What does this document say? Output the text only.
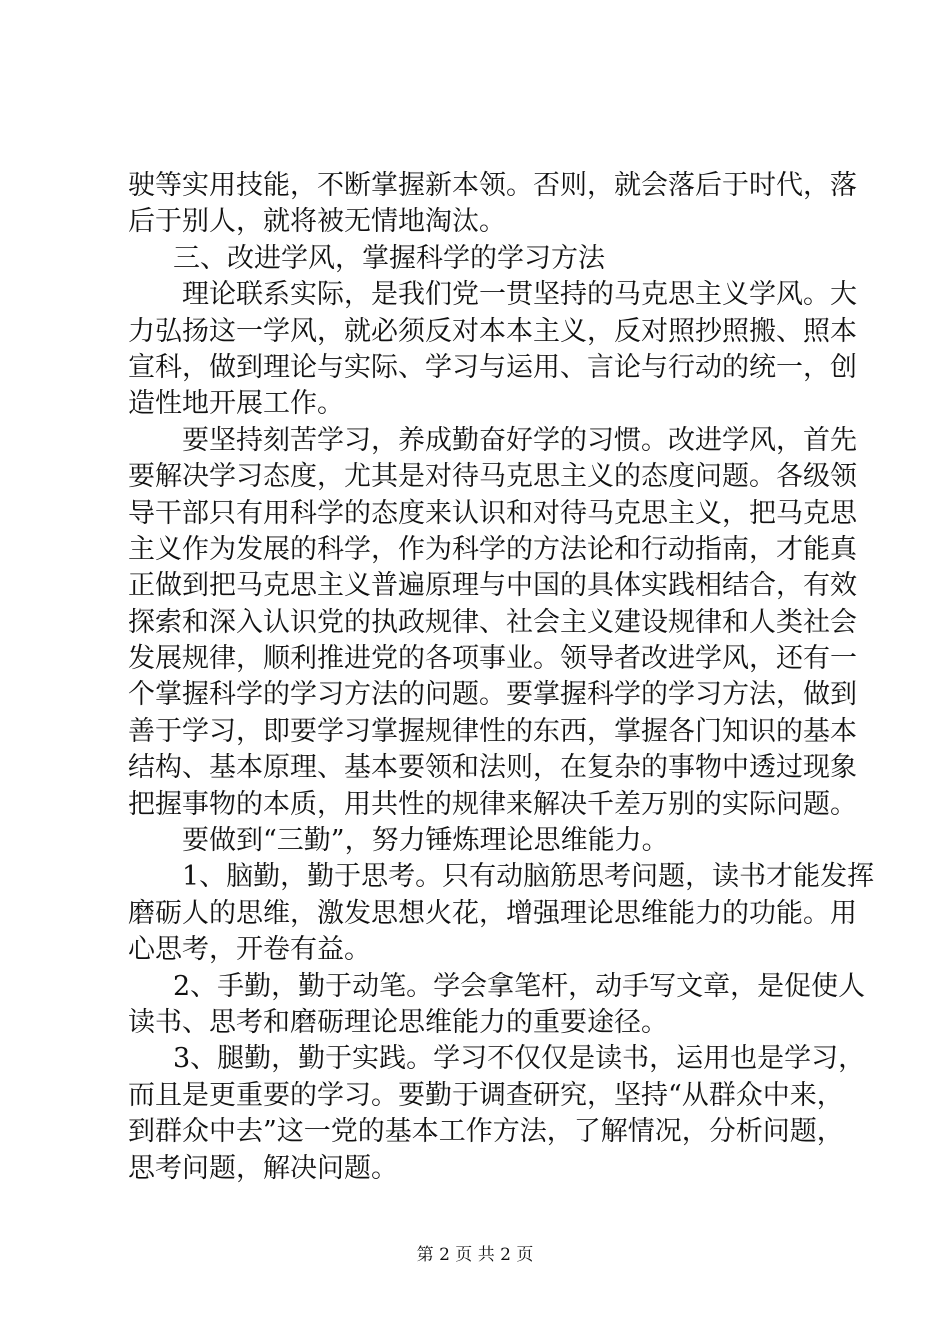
驶等实用技能，不断掌握新本领。否则，就会落后于时代，落
后于别人，就将被无情地淘汰。
三、改进学风，掌握科学的学习方法
理论联系实际，是我们党一贯坚持的马克思主义学风。大
力弘扬这一学风，就必须反对本本主义，反对照抄照搬、照本
宣科，做到理论与实际、学习与运用、言论与行动的统一，创
造性地开展工作。
要坚持刻苦学习，养成勤奋好学的习惯。改进学风，首先
要解决学习态度，尤其是对待马克思主义的态度问题。各级领
导干部只有用科学的态度来认识和对待马克思主义，把马克思
主义作为发展的科学，作为科学的方法论和行动指南，才能真
正做到把马克思主义普遍原理与中国的具体实践相结合，有效
探索和深入认识党的执政规律、社会主义建设规律和人类社会
发展规律，顺利推进党的各项事业。领导者改进学风，还有一
个掌握科学的学习方法的问题。要掌握科学的学习方法，做到
善于学习，即要学习掌握规律性的东西，掌握各门知识的基本
结构、基本原理、基本要领和法则，在复杂的事物中透过现象
把握事物的本质，用共性的规律来解决千差万别的实际问题。
要做到“三勤”，努力锤炼理论思维能力。
1、脑勤，勤于思考。只有动脑筋思考问题，读书才能发挥
磨砺人的思维，激发思想火花，增强理论思维能力的功能。用
心思考，开卷有益。
2、手勤，勤于动笔。学会拿笔杆，动手写文章，是促使人
读书、思考和磨砺理论思维能力的重要途径。
3、腿勤，勤于实践。学习不仅仅是读书，运用也是学习，
而且是更重要的学习。要勤于调查研究，坚持“从群众中来，
到群众中去”这一党的基本工作方法，了解情况，分析问题，
思考问题，解决问题。
第 2 页 共 2 页
